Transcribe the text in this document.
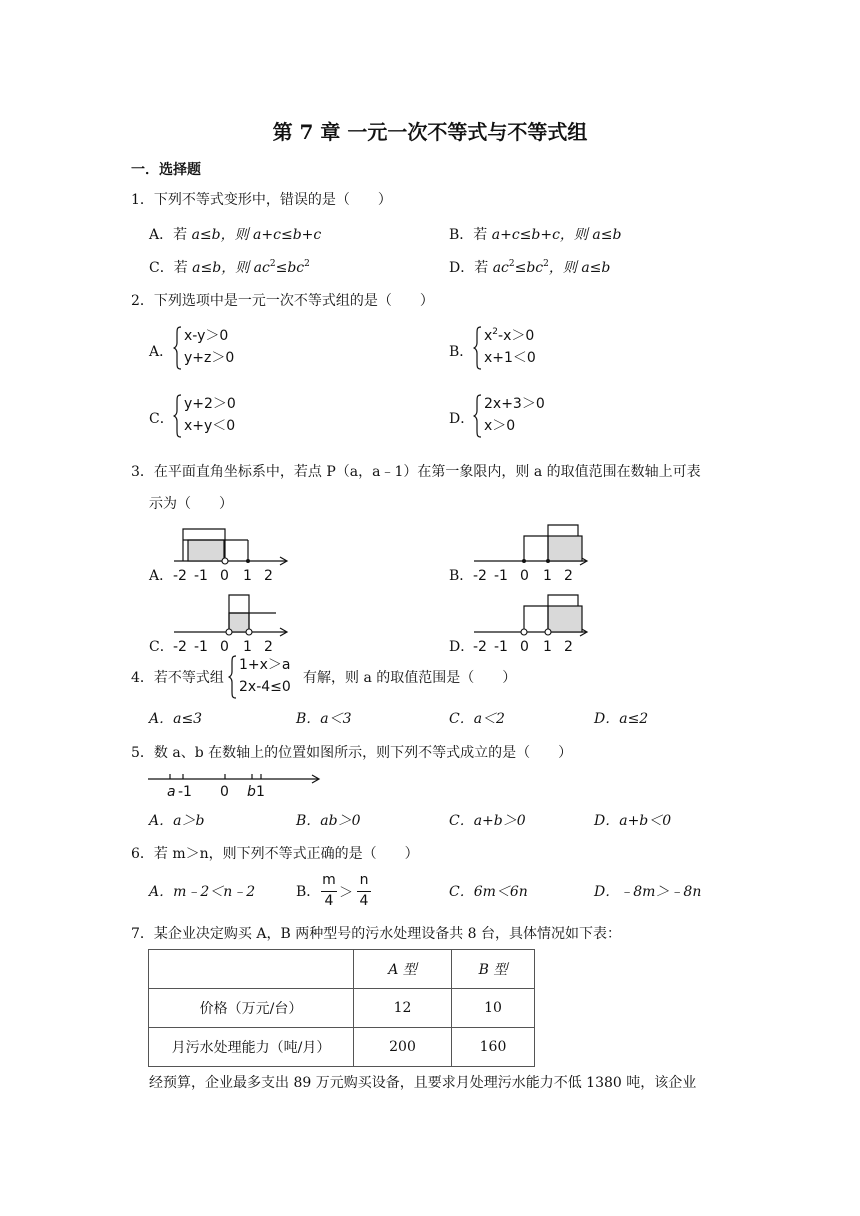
第 7 章 一元一次不等式与不等式组
一．选择题
1．下列不等式变形中，错误的是（　　）
A．若 a≤b，则 a+c≤b+c	B．若 a+c≤b+c，则 a≤b
C．若 a≤b，则 $ac^2\le bc^2$	D．若 $ac^2\le bc^2$，则 a≤b
2．下列选项中是一元一次不等式组的是（　　）
A．
x-y＞0
y+z＞0	B．
$x^2-x>0$
x+1＜0
C．
y+2＞0
x+y＜0	D．
2x+3＞0
x＞0
3．在平面直角坐标系中，若点 P（a，a﹣1）在第一象限内，则 a 的取值范围在数轴上可表
示为（　　）
A． -2 -1 0 1 2	B． -2 -1 0 1 2
C． -2 -1 0 1 2	D．
-2 -1 0 1 2
4．若不等式组
1+x＞a
2x-4≤0
有解，则 a 的取值范围是（　　）
A．a≤3	B．a＜3	C．a＜2	D．a≤2
5．数 a、b 在数轴上的位置如图所示，则下列不等式成立的是（　　）
a -1 0 b 1
A．a＞b	B．ab＞0	C．a+b＞0	D．a+b＜0
6．若 m＞n，则下列不等式正确的是（　　）
A．m﹣2＜n﹣2	B．
m
4 ＞
n
4
C．6m＜6n	D．﹣8m＞﹣8n
7．某企业决定购买 A，B 两种型号的污水处理设备共 8 台，具体情况如下表：
	A 型	B 型
价格（万元/台）	12	10
月污水处理能力（吨/月）	200	160
经预算，企业最多支出 89 万元购买设备，且要求月处理污水能力不低 1380 吨，该企业
